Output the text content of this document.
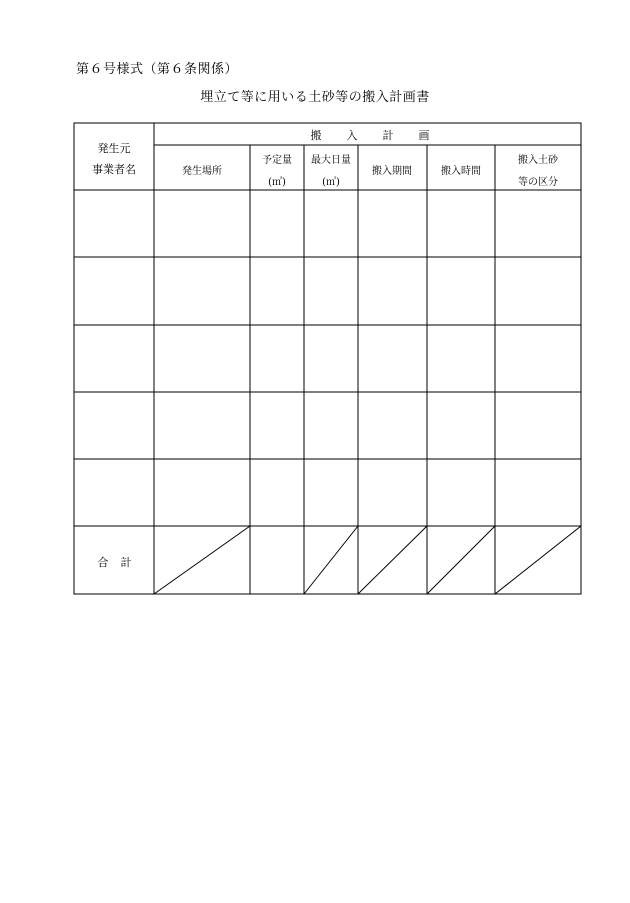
第６号様式（第６条関係）
埋立て等に用いる土砂等の搬入計画書
発生元
事業者名
搬 入 計 画
発生場所
予定量
(㎥)
最大日量
(㎥)
搬入期間	搬入時間
搬入土砂
等の区分
合 計
